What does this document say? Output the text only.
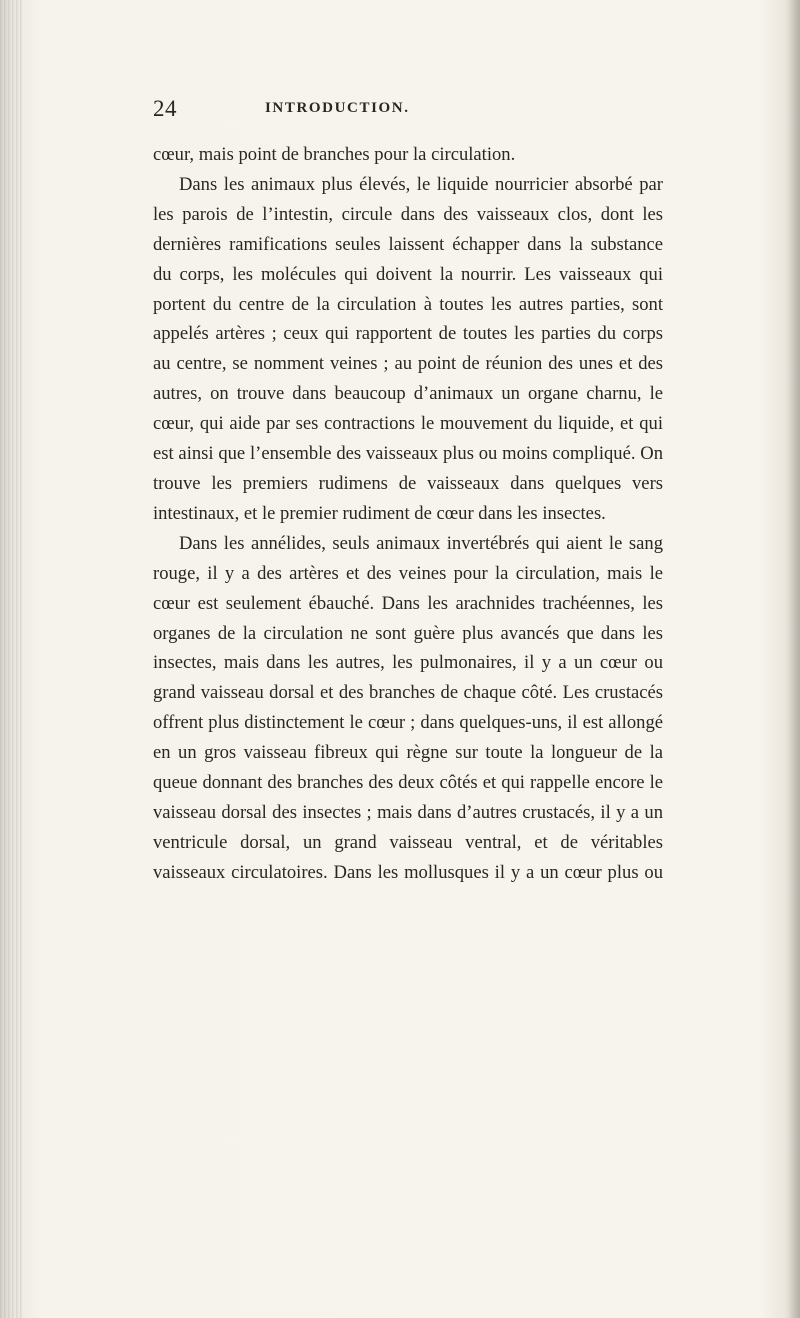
24	INTRODUCTION.

cœur, mais point de branches pour la circulation.

Dans les animaux plus élevés, le liquide nourricier absorbé par les parois de l’intestin, circule dans des vaisseaux clos, dont les dernières ramifications seules laissent échapper dans la substance du corps, les molécules qui doivent la nourrir. Les vaisseaux qui portent du centre de la circulation à toutes les autres parties, sont appelés artères ; ceux qui rapportent de toutes les parties du corps au centre, se nomment veines ; au point de réunion des unes et des autres, on trouve dans beaucoup d’animaux un organe charnu, le cœur, qui aide par ses contractions le mouvement du liquide, et qui est ainsi que l’ensemble des vaisseaux plus ou moins compliqué. On trouve les premiers rudimens de vaisseaux dans quelques vers intestinaux, et le premier rudiment de cœur dans les insectes.

Dans les annélides, seuls animaux invertébrés qui aient le sang rouge, il y a des artères et des veines pour la circulation, mais le cœur est seulement ébauché. Dans les arachnides trachéennes, les organes de la circulation ne sont guère plus avancés que dans les insectes, mais dans les autres, les pulmonaires, il y a un cœur ou grand vaisseau dorsal et des branches de chaque côté. Les crustacés offrent plus distinctement le cœur ; dans quelques-uns, il est allongé en un gros vaisseau fibreux qui règne sur toute la longueur de la queue donnant des branches des deux côtés et qui rappelle encore le vaisseau dorsal des insectes ; mais dans d’autres crustacés, il y a un ventricule dorsal, un grand vaisseau ventral, et de véritables vaisseaux circulatoires. Dans les mollusques il y a un cœur plus ou
